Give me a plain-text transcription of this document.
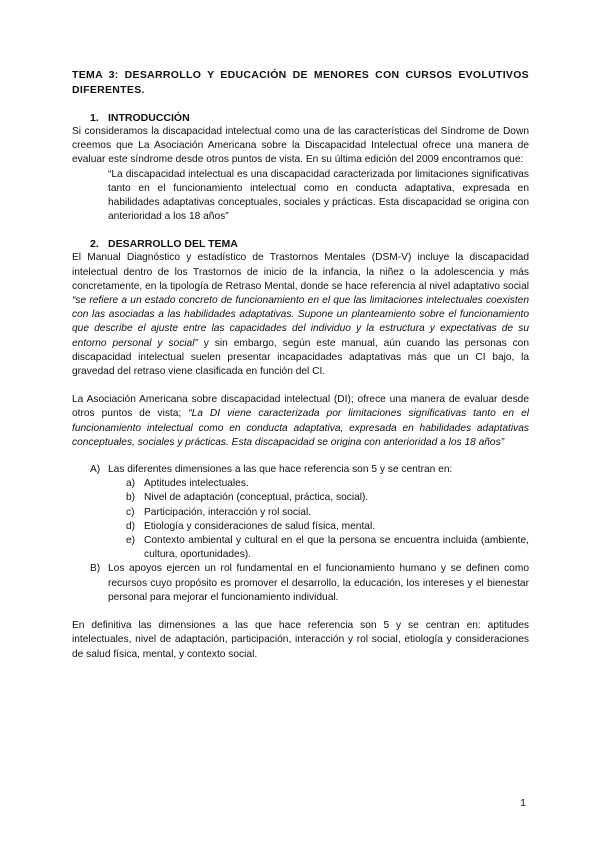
TEMA 3: DESARROLLO Y EDUCACIÓN DE MENORES CON CURSOS EVOLUTIVOS DIFERENTES.

1. INTRODUCCIÓN

Si consideramos la discapacidad intelectual como una de las características del Síndrome de Down creemos que La Asociación Americana sobre la Discapacidad Intelectual ofrece una manera de evaluar este síndrome desde otros puntos de vista. En su última edición del 2009 encontramos que:

“La discapacidad intelectual es una discapacidad caracterizada por limitaciones significativas tanto en el funcionamiento intelectual como en conducta adaptativa, expresada en habilidades adaptativas conceptuales, sociales y prácticas. Esta discapacidad se origina con anterioridad a los 18 años”

2. DESARROLLO DEL TEMA

El Manual Diagnóstico y estadístico de Trastornos Mentales (DSM-V) incluye la discapacidad intelectual dentro de los Trastornos de inicio de la infancia, la niñez o la adolescencia y más concretamente, en la tipología de Retraso Mental, donde se hace referencia al nivel adaptativo social “se refiere a un estado concreto de funcionamiento en el que las limitaciones intelectuales coexisten con las asociadas a las habilidades adaptativas. Supone un planteamiento sobre el funcionamiento que describe el ajuste entre las capacidades del individuo y la estructura y expectativas de su entorno personal y social” y sin embargo, según este manual, aún cuando las personas con discapacidad intelectual suelen presentar incapacidades adaptativas más que un CI bajo, la gravedad del retraso viene clasificada en función del CI.

La Asociación Americana sobre discapacidad intelectual (DI); ofrece una manera de evaluar desde otros puntos de vista; “La DI viene caracterizada por limitaciones significativas tanto en el funcionamiento intelectual como en conducta adaptativa, expresada en habilidades adaptativas conceptuales, sociales y prácticas. Esta discapacidad se origina con anterioridad a los 18 años”

A) Las diferentes dimensiones a las que hace referencia son 5 y se centran en:
a) Aptitudes intelectuales.
b) Nivel de adaptación (conceptual, práctica, social).
c) Participación, interacción y rol social.
d) Etiología y consideraciones de salud física, mental.
e) Contexto ambiental y cultural en el que la persona se encuentra incluida (ambiente, cultura, oportunidades).
B) Los apoyos ejercen un rol fundamental en el funcionamiento humano y se definen como recursos cuyo propósito es promover el desarrollo, la educación, los intereses y el bienestar personal para mejorar el funcionamiento individual.

En definitiva las dimensiones a las que hace referencia son 5 y se centran en: aptitudes intelectuales, nivel de adaptación, participación, interacción y rol social, etiología y consideraciones de salud física, mental, y contexto social.

1
